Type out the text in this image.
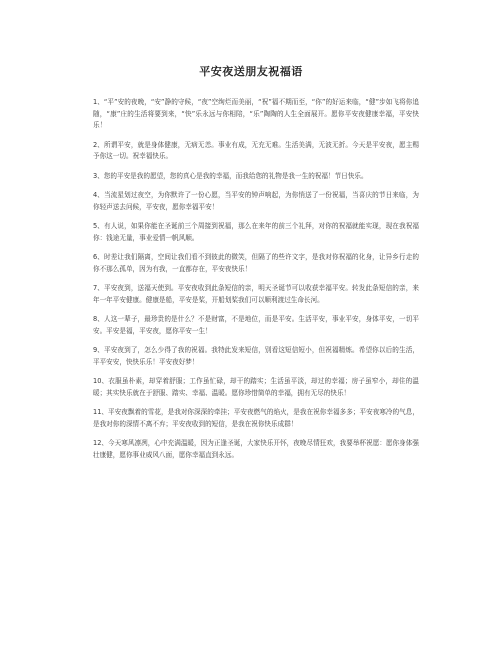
平安夜送朋友祝福语

1、“平”安的夜晚，“安”静的守候，“夜”空绚烂而美丽，“祝”福不期而至，“你”的好运来临，“健”步如飞将你追随，“康”庄的生活将要到来，“快”乐永远与你相陪，“乐”陶陶的人生全面展开。愿你平安夜健康幸福，平安快乐！

2、所谓平安，就是身体健康，无病无恙。事业有成，无充无难。生活美满，无波无折。今天是平安夜，愿主赐予你这一切。祝幸福快乐。

3、您的平安是我的愿望，您的真心是我的幸福，而我给您的礼物是我一生的祝福！节日快乐。

4、当流星划过夜空，为你默许了一份心愿，当平安的钟声响起，为你悄送了一份祝福，当喜庆的节日来临，为你轻声送去问候，平安夜，愿你幸福平安！

5、有人说，如果你能在圣诞前三个周接到祝福，那么在来年的前三个礼拜，对你的祝福就能实现，现在我祝福你：钱途无量，事业爱情一帆风顺。

6、时差让我们隔离，空间让我们看不到彼此的微笑，但隔了的些许文字，是我对你祝福的化身，让异乡行走的你不那么孤单，因为有我，一直都存在，平安夜快乐！

7、平安夜到，送福天使到。平安夜收到此条短信的亲，明天圣诞节可以收获幸福平安。转发此条短信的亲，来年一年平安健康。健康是船，平安是桨，开船划桨我们可以顺利渡过生命长河。

8、人这一辈子，最珍贵的是什么？不是财富，不是地位，而是平安。生活平安，事业平安，身体平安，一切平安。平安是福，平安夜，愿你平安一生！

9、平安夜到了，怎么少得了我的祝福。我特此发来短信，别看这短信短小，但祝福精炼。希望你以后的生活，平平安安，快快乐乐！平安夜好梦！

10、衣服虽朴素，却穿着舒服；工作虽忙碌，却干的踏实；生活虽平淡，却过的幸福；房子虽窄小，却住的温暖；其实快乐就在于舒服、踏实、幸福、温暖。愿你珍惜简单的幸福，拥有无尽的快乐！

11、平安夜飘着的雪花，是我对你深深的牵挂；平安夜燃气的焰火，是我在祝你幸福多多；平安夜寒冷的气息，是我对你的深情不离不弃；平安夜收到的短信，是我在祝你快乐成群！

12、今天寒风凛冽，心中充满温暖，因为正逢圣诞，大家快乐开怀，夜晚尽情狂欢，我要举杯祝愿：愿你身体强壮康健，愿你事业威风八面，愿你幸福直到永远。
